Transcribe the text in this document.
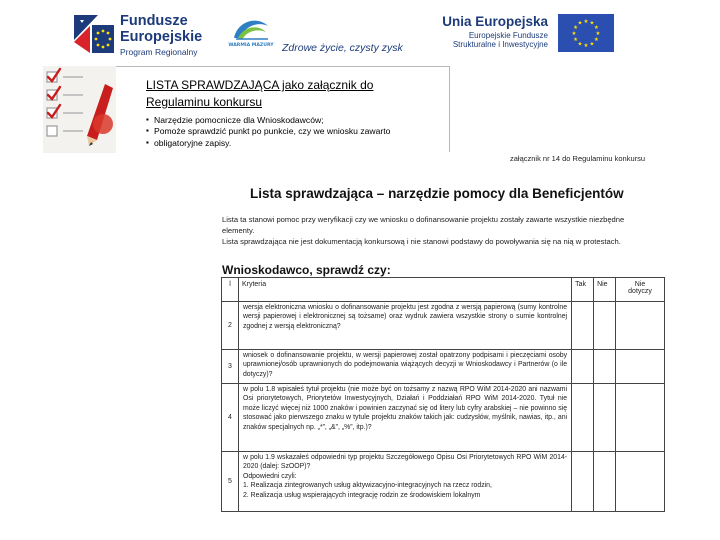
Fundusze
Europejskie
Program Regionalny
WARMIA MAZURY Zdrowe życie, czysty zysk
Unia Europejska
Europejskie Fundusze
Strukturalne i Inwestycyjne
★ ★
★
★
★
★
★
★
★
★
★
★
LISTA SPRAWDZAJĄCA jako załącznik do
Regulaminu konkursu
▪ Narzędzie pomocnicze dla Wnioskodawców;
▪ Pomoże sprawdzić punkt po punkcie, czy we wniosku zawarto
▪ obligatoryjne zapisy.
załącznik nr 14 do Regulaminu konkursu
Lista sprawdzająca – narzędzie pomocy dla Beneficjentów
Lista ta stanowi pomoc przy weryfikacji czy we wniosku o dofinansowanie projektu zostały zawarte wszystkie niezbędne
elementy.
Lista sprawdzająca nie jest dokumentacją konkursową i nie stanowi podstawy do powoływania się na nią w protestach.
Wnioskodawco, sprawdź czy:
l	Kryteria	Tak	Nie	Nie
dotyczy
2	wersja elektroniczna wniosku o dofinansowanie projektu jest zgodna z wersją papierową (sumy kontrolne wersji papierowej i elektronicznej są tożsame) oraz wydruk zawiera wszystkie strony o sumie kontrolnej zgodnej z wersją elektroniczną?			
3	wniosek o dofinansowanie projektu, w wersji papierowej został opatrzony podpisami i pieczęciami osoby uprawnionej/osób uprawnionych do podejmowania wiążących decyzji w Wnioskodawcy i Partnerów (o ile dotyczy)?			
4	w polu 1.8 wpisałeś tytuł projektu (nie może być on tożsamy z nazwą RPO WiM 2014-2020 ani nazwami Osi priorytetowych, Priorytetów Inwestycyjnych, Działań i Poddziałań RPO WiM 2014-2020. Tytuł nie może liczyć więcej niż 1000 znaków i powinien zaczynać się od litery lub cyfry arabskiej – nie powinno się stosować jako pierwszego znaku w tytule projektu znaków takich jak: cudzysłów, myślnik, nawias, itp., ani znaków specjalnych np. „*”, „&”, „%”, itp.)?			
5	w polu 1.9 wskazałeś odpowiedni typ projektu Szczegółowego Opisu Osi Priorytetowych RPO WiM 2014-2020 (dalej: SzOOP)?
Odpowiedni czyli:
1. Realizacja zintegrowanych usług aktywizacyjno-integracyjnych na rzecz rodzin,
2. Realizacja usług wspierających integrację rodzin ze środowiskiem lokalnym			
